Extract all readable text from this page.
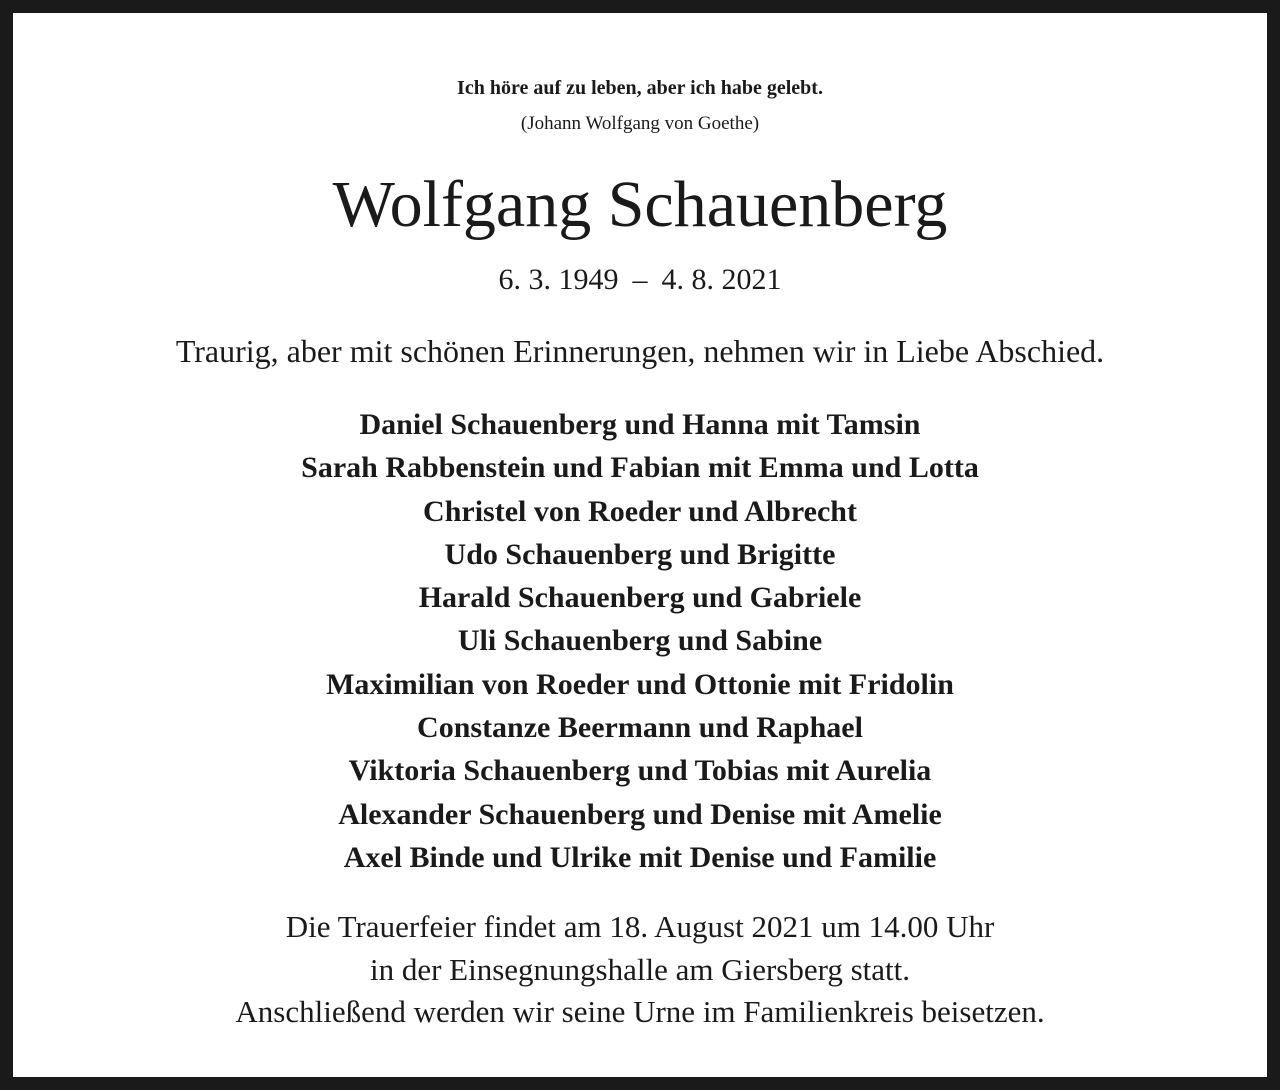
Ich höre auf zu leben, aber ich habe gelebt.
(Johann Wolfgang von Goethe)
Wolfgang Schauenberg
6. 3. 1949 – 4. 8. 2021
Traurig, aber mit schönen Erinnerungen, nehmen wir in Liebe Abschied.
Daniel Schauenberg und Hanna mit Tamsin
Sarah Rabbenstein und Fabian mit Emma und Lotta
Christel von Roeder und Albrecht
Udo Schauenberg und Brigitte
Harald Schauenberg und Gabriele
Uli Schauenberg und Sabine
Maximilian von Roeder und Ottonie mit Fridolin
Constanze Beermann und Raphael
Viktoria Schauenberg und Tobias mit Aurelia
Alexander Schauenberg und Denise mit Amelie
Axel Binde und Ulrike mit Denise und Familie
Die Trauerfeier findet am 18. August 2021 um 14.00 Uhr
in der Einsegnungshalle am Giersberg statt.
Anschließend werden wir seine Urne im Familienkreis beisetzen.
